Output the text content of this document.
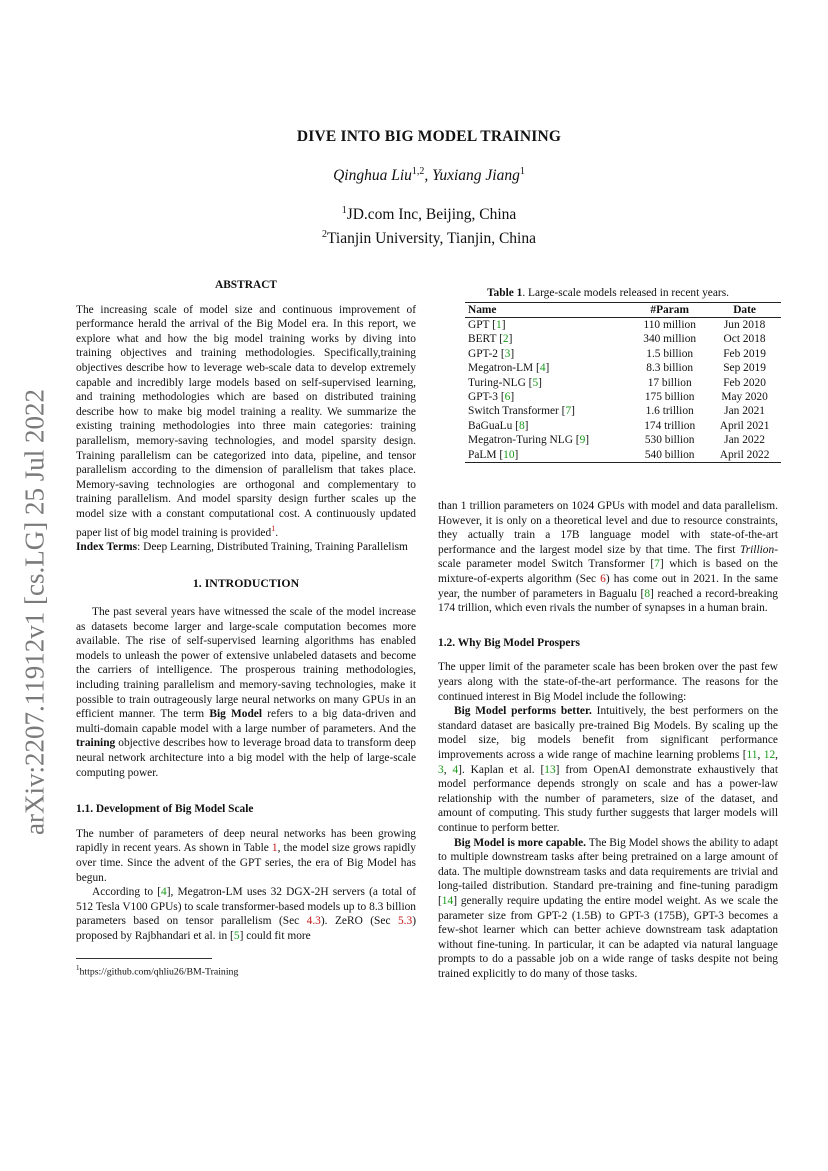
arXiv:2207.11912v1 [cs.LG] 25 Jul 2022
DIVE INTO BIG MODEL TRAINING
Qinghua Liu$^{1,2}$, Yuxiang Jiang$^1$
$^1$JD.com Inc, Beijing, China
$^2$Tianjin University, Tianjin, China
ABSTRACT

The increasing scale of model size and continuous improvement of performance herald the arrival of the Big Model era. In this report, we explore what and how the big model training works by diving into training objectives and training methodologies. Specifically,training objectives describe how to leverage web-scale data to develop extremely capable and incredibly large models based on self-supervised learning, and training methodologies which are based on distributed training describe how to make big model training a reality. We summarize the existing training methodologies into three main categories: training parallelism, memory-saving technologies, and model sparsity design. Training parallelism can be categorized into data, pipeline, and tensor parallelism according to the dimension of parallelism that takes place. Memory-saving technologies are orthogonal and complementary to training parallelism. And model sparsity design further scales up the model size with a constant computational cost. A continuously updated paper list of big model training is provided$^1$.

Index Terms: Deep Learning, Distributed Training, Training Parallelism

1. INTRODUCTION

The past several years have witnessed the scale of the model increase as datasets become larger and large-scale computation becomes more available. The rise of self-supervised learning algorithms has enabled models to unleash the power of extensive unlabeled datasets and become the carriers of intelligence. The prosperous training methodologies, including training parallelism and memory-saving technologies, make it possible to train outrageously large neural networks on many GPUs in an efficient manner. The term Big Model refers to a big data-driven and multi-domain capable model with a large number of parameters. And the training objective describes how to leverage broad data to transform deep neural network architecture into a big model with the help of large-scale computing power.

1.1. Development of Big Model Scale

The number of parameters of deep neural networks has been growing rapidly in recent years. As shown in Table 1, the model size grows rapidly over time. Since the advent of the GPT series, the era of Big Model has begun.

According to [4], Megatron-LM uses 32 DGX-2H servers (a total of 512 Tesla V100 GPUs) to scale transformer-based models up to 8.3 billion parameters based on tensor parallelism (Sec 4.3). ZeRO (Sec 5.3) proposed by Rajbhandari et al. in [5] could fit more

$^1$https://github.com/qhliu26/BM-Training
Table 1. Large-scale models released in recent years.
Name	#Param	Date
GPT [1]	110 million	Jun 2018
BERT [2]	340 million	Oct 2018
GPT-2 [3]	1.5 billion	Feb 2019
Megatron-LM [4]	8.3 billion	Sep 2019
Turing-NLG [5]	17 billion	Feb 2020
GPT-3 [6]	175 billion	May 2020
Switch Transformer [7]	1.6 trillion	Jan 2021
BaGuaLu [8]	174 trillion	April 2021
Megatron-Turing NLG [9]	530 billion	Jan 2022
PaLM [10]	540 billion	April 2022

than 1 trillion parameters on 1024 GPUs with model and data parallelism. However, it is only on a theoretical level and due to resource constraints, they actually train a 17B language model with state-of-the-art performance and the largest model size by that time. The first Trillion-scale parameter model Switch Transformer [7] which is based on the mixture-of-experts algorithm (Sec 6) has come out in 2021. In the same year, the number of parameters in Bagualu [8] reached a record-breaking 174 trillion, which even rivals the number of synapses in a human brain.

1.2. Why Big Model Prospers

The upper limit of the parameter scale has been broken over the past few years along with the state-of-the-art performance. The reasons for the continued interest in Big Model include the following:

Big Model performs better. Intuitively, the best performers on the standard dataset are basically pre-trained Big Models. By scaling up the model size, big models benefit from significant performance improvements across a wide range of machine learning problems [11, 12, 3, 4]. Kaplan et al. [13] from OpenAI demonstrate exhaustively that model performance depends strongly on scale and has a power-law relationship with the number of parameters, size of the dataset, and amount of computing. This study further suggests that larger models will continue to perform better.

Big Model is more capable. The Big Model shows the ability to adapt to multiple downstream tasks after being pretrained on a large amount of data. The multiple downstream tasks and data requirements are trivial and long-tailed distribution. Standard pre-training and fine-tuning paradigm [14] generally require updating the entire model weight. As we scale the parameter size from GPT-2 (1.5B) to GPT-3 (175B), GPT-3 becomes a few-shot learner which can better achieve downstream task adaptation without fine-tuning. In particular, it can be adapted via natural language prompts to do a passable job on a wide range of tasks despite not being trained explicitly to do many of those tasks.
